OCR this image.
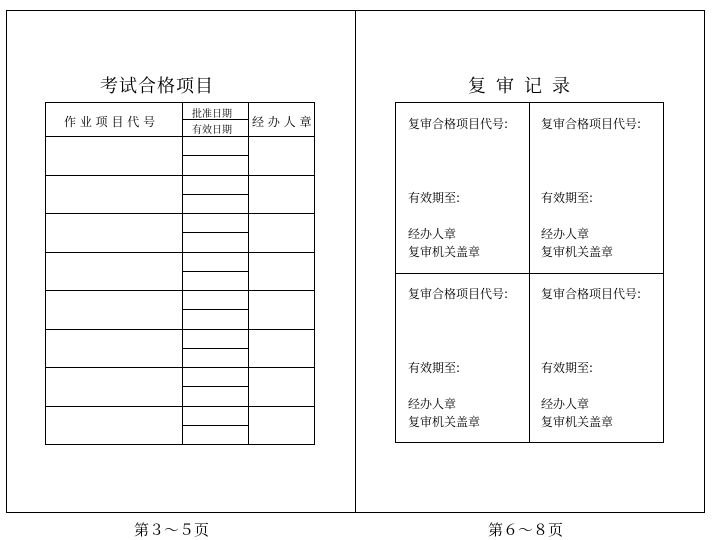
考试合格项目
作 业 项 目 代 号
批准日期
有效日期
经 办 人 章
复审记录
复审合格项目代号:
有效期至:
经办人章
复审机关盖章
复审合格项目代号:
有效期至:
经办人章
复审机关盖章
复审合格项目代号:
有效期至:
经办人章
复审机关盖章
复审合格项目代号:
有效期至:
经办人章
复审机关盖章
第３～５页	第６～８页
